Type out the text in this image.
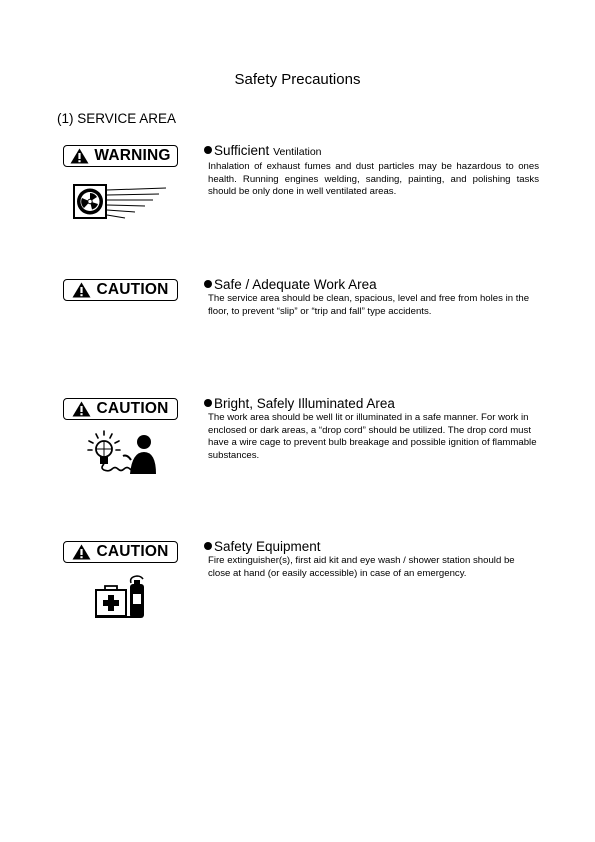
Safety Precautions
(1) SERVICE AREA
WARNING	Sufficient Ventilation
Inhalation of exhaust fumes and dust particles may be hazardous to ones health. Running engines welding, sanding, painting, and polishing tasks should be only done in well ventilated areas.
CAUTION	Safe / Adequate Work Area
The service area should be clean, spacious, level and free from holes in the floor, to prevent “slip” or “trip and fall” type accidents.
CAUTION	Bright, Safely Illuminated Area
The work area should be well lit or illuminated in a safe manner. For work in enclosed or dark areas, a “drop cord” should be utilized. The drop cord must have a wire cage to prevent bulb breakage and possible ignition of flammable substances.
CAUTION	Safety Equipment
Fire extinguisher(s), first aid kit and eye wash / shower station should be close at hand (or easily accessible) in case of an emergency.
